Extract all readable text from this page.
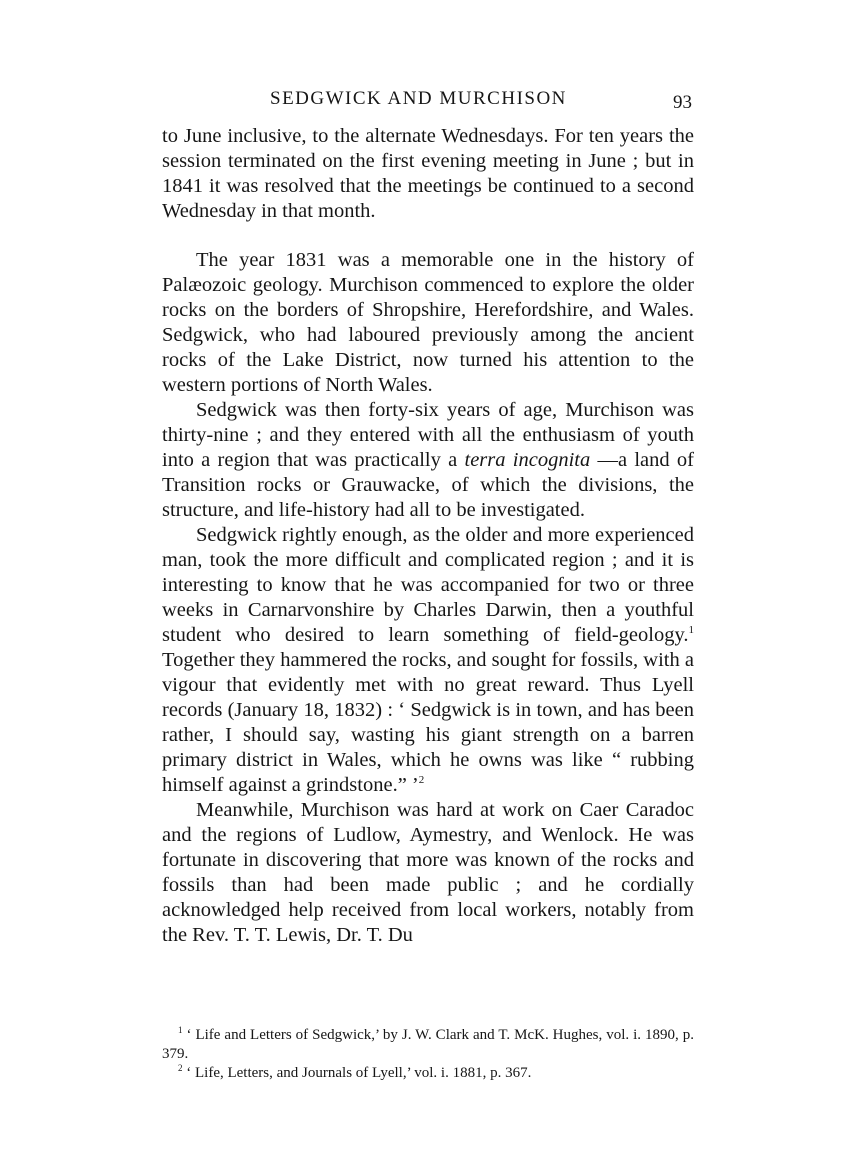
SEDGWICK AND MURCHISON	93

to June inclusive, to the alternate Wednesdays. For ten years the session terminated on the first evening meeting in June ; but in 1841 it was resolved that the meetings be continued to a second Wednesday in that month.

The year 1831 was a memorable one in the history of Palæozoic geology. Murchison commenced to explore the older rocks on the borders of Shropshire, Herefordshire, and Wales. Sedgwick, who had laboured previously among the ancient rocks of the Lake District, now turned his attention to the western portions of North Wales.

Sedgwick was then forty-six years of age, Murchison was thirty-nine ; and they entered with all the enthusiasm of youth into a region that was practically a terra incognita —a land of Transition rocks or Grauwacke, of which the divisions, the structure, and life-history had all to be investigated.

Sedgwick rightly enough, as the older and more experienced man, took the more difficult and complicated region ; and it is interesting to know that he was accompanied for two or three weeks in Carnarvonshire by Charles Darwin, then a youthful student who desired to learn something of field-geology.$^1$ Together they hammered the rocks, and sought for fossils, with a vigour that evidently met with no great reward. Thus Lyell records (January 18, 1832) : ‘ Sedgwick is in town, and has been rather, I should say, wasting his giant strength on a barren primary district in Wales, which he owns was like “ rubbing himself against a grindstone.” ’$^2$

Meanwhile, Murchison was hard at work on Caer Caradoc and the regions of Ludlow, Aymestry, and Wenlock. He was fortunate in discovering that more was known of the rocks and fossils than had been made public ; and he cordially acknowledged help received from local workers, notably from the Rev. T. T. Lewis, Dr. T. Du

$^1$ ‘ Life and Letters of Sedgwick,’ by J. W. Clark and T. McK. Hughes, vol. i. 1890, p. 379.

$^2$ ‘ Life, Letters, and Journals of Lyell,’ vol. i. 1881, p. 367.
